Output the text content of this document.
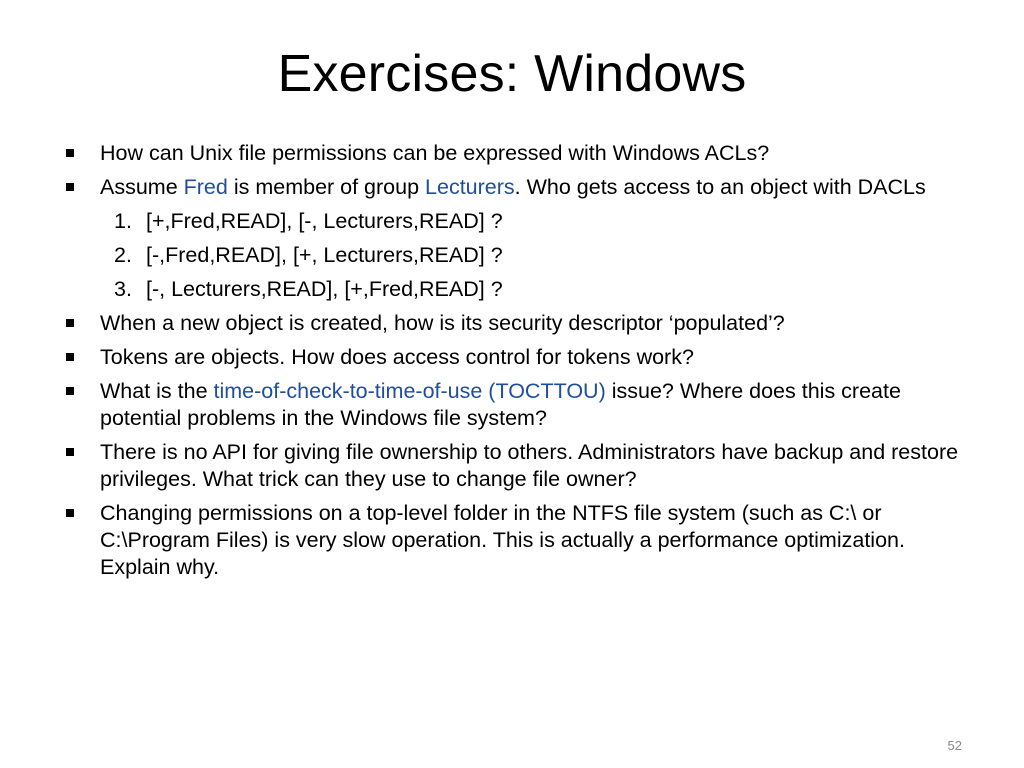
Exercises: Windows
How can Unix file permissions can be expressed with Windows ACLs?
Assume Fred is member of group Lecturers. Who gets access to an object with DACLs
1. [+,Fred,READ], [-, Lecturers,READ] ?
2. [-,Fred,READ], [+, Lecturers,READ] ?
3. [-, Lecturers,READ], [+,Fred,READ] ?
When a new object is created, how is its security descriptor ‘populated’?
Tokens are objects. How does access control for tokens work?
What is the time-of-check-to-time-of-use (TOCTTOU) issue? Where does this create potential problems in the Windows file system?
There is no API for giving file ownership to others. Administrators have backup and restore privileges. What trick can they use to change file owner?
Changing permissions on a top-level folder in the NTFS file system (such as C:\ or C:\Program Files) is very slow operation. This is actually a performance optimization. Explain why.
52
